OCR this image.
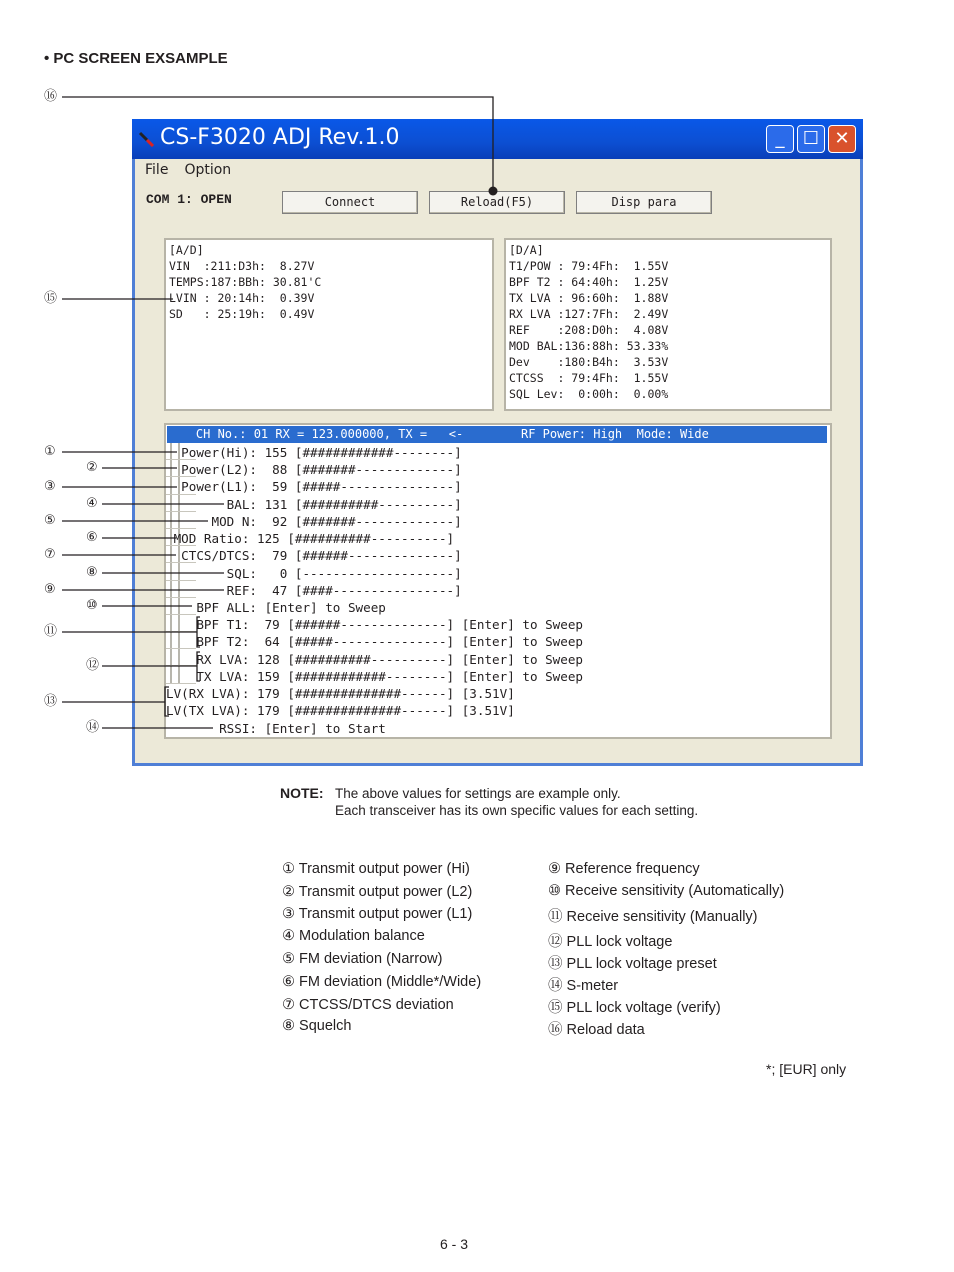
• PC SCREEN EXSAMPLE
CS-F3020 ADJ Rev.1.0	_	☐ ✕
File Option
COM 1: OPEN	Connect	Reload(F5)	Disp para
[A/D]
VIN  :211:D3h:  8.27V
TEMPS:187:BBh: 30.81'C
LVIN : 20:14h:  0.39V
SD   : 25:19h:  0.49V
[D/A]
T1/POW : 79:4Fh:  1.55V
BPF T2 : 64:40h:  1.25V
TX LVA : 96:60h:  1.88V
RX LVA :127:7Fh:  2.49V
REF    :208:D0h:  4.08V
MOD BAL:136:88h: 53.33%
Dev    :180:B4h:  3.53V
CTCSS  : 79:4Fh:  1.55V
SQL Lev:  0:00h:  0.00%
CH No.: 01 RX = 123.000000, TX =   <-        RF Power: High  Mode: Wide
Power(Hi): 155 [############--------]
Power(L2):  88 [#######-------------]
Power(L1):  59 [#####---------------]
BAL: 131 [##########----------]
MOD N:  92 [#######-------------]
MOD Ratio: 125 [##########----------]
CTCS/DTCS:  79 [######--------------]
SQL:   0 [--------------------]
REF:  47 [####----------------]
BPF ALL: [Enter] to Sweep
BPF T1:  79 [######--------------] [Enter] to Sweep
BPF T2:  64 [#####---------------] [Enter] to Sweep
RX LVA: 128 [##########----------] [Enter] to Sweep
TX LVA: 159 [############--------] [Enter] to Sweep
LV(RX LVA): 179 [##############------] [3.51V]
LV(TX LVA): 179 [##############------] [3.51V]
RSSI: [Enter] to Start
⑯
⑮
①
②
③
④
⑤
⑥
⑦
⑧
⑨
⑩
⑪
⑫
⑬
⑭
NOTE: The above values for settings are example only.
Each transceiver has its own specific values for each setting.
① Transmit output power (Hi)
② Transmit output power (L2)
③ Transmit output power (L1)
④ Modulation balance
⑤ FM deviation (Narrow)
⑥ FM deviation (Middle*/Wide)
⑦ CTCSS/DTCS deviation
⑧ Squelch
⑨ Reference frequency
⑩ Receive sensitivity (Automatically)
⑪ Receive sensitivity (Manually)
⑫ PLL lock voltage
⑬ PLL lock voltage preset
⑭ S-meter
⑮ PLL lock voltage (verify)
⑯ Reload data
*; [EUR] only
6 - 3
